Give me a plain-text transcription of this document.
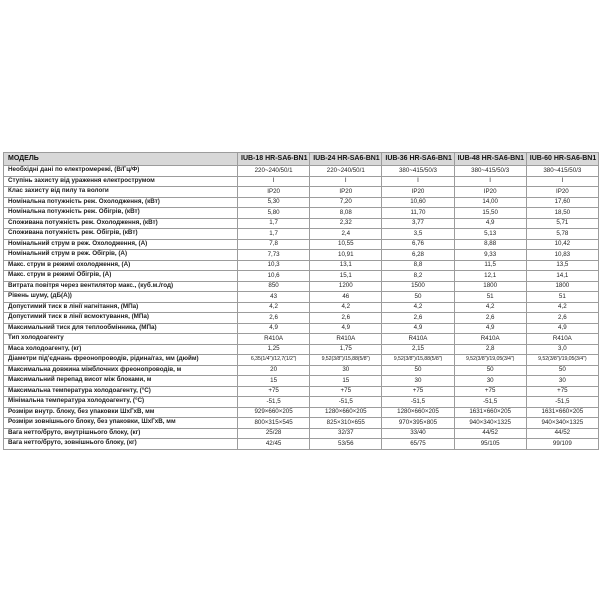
МОДЕЛЬ	IUB-18 HR-SA6-BN1	IUB-24 HR-SA6-BN1	IUB-36 HR-SA6-BN1	IUB-48 HR-SA6-BN1	IUB-60 HR-SA6-BN1
Необхідні дані по електромережі, (В/Гц/Ф)	220~240/50/1	220~240/50/1	380~415/50/3	380~415/50/3	380~415/50/3
Ступінь захисту від ураження електрострумом	I	I	I	I	I
Клас захисту від пилу та вологи	IP20	IP20	IP20	IP20	IP20
Номінальна потужність реж. Охолодження, (кВт)	5,30	7,20	10,60	14,00	17,60
Номінальна потужність реж. Обігрів, (кВт)	5,80	8,08	11,70	15,50	18,50
Споживана потужність реж. Охолодження, (кВт)	1,7	2,32	3,77	4,9	5,71
Споживана потужність реж. Обігрів, (кВт)	1,7	2,4	3,5	5,13	5,78
Номінальний струм в реж. Охолодження, (А)	7,8	10,55	6,76	8,88	10,42
Номінальний струм в реж. Обігрів, (А)	7,73	10,91	6,28	9,33	10,83
Макс. струм в режимі охолодження, (А)	10,3	13,1	8,8	11,5	13,5
Макс. струм в режимі Обігрів, (А)	10,6	15,1	8,2	12,1	14,1
Витрата повітря через вентилятор макс., (куб.м./год)	850	1200	1500	1800	1800
Рівень шуму, (дБ(А))	43	46	50	51	51
Допустимий тиск в лінії нагнітання, (МПа)	4,2	4,2	4,2	4,2	4,2
Допустимий тиск в лінії всмоктування, (МПа)	2,6	2,6	2,6	2,6	2,6
Максимальний тиск для теплообмінника, (МПа)	4,9	4,9	4,9	4,9	4,9
Тип холодоагенту	R410A	R410A	R410A	R410A	R410A
Маса холодоагенту, (кг)	1,25	1,75	2,15	2,8	3,0
Діаметри під'єднань фреонопроводів, рідина/газ, мм (дюйм)	6,35(1/4")/12,7(1/2")	9,52(3/8")/15,88(5/8")	9,52(3/8")/15,88(5/8")	9,52(3/8")/19,05(3/4")	9,52(3/8")/19,05(3/4")
Максимальна довжина міжблочних фреонопроводів, м	20	30	50	50	50
Максимальний перепад висот між блоками, м	15	15	30	30	30
Максимальна температура холодоагенту, (°С)	+75	+75	+75	+75	+75
Мінімальна температура холодоагенту, (°С)	-51,5	-51,5	-51,5	-51,5	-51,5
Розміри внутр. блоку, без упаковки ШхГхВ, мм	929×660×205	1280×660×205	1280×660×205	1631×660×205	1631×660×205
Розміри зовнішнього блоку, без упаковки, ШхГхВ, мм	800×315×545	825×310×655	970×395×805	940×340×1325	940×340×1325
Вага нетто/бруто, внутрішнього блоку, (кг)	25/28	32/37	33/40	44/52	44/52
Вага нетто/бруто, зовнішнього блоку, (кг)	42/45	53/56	65/75	95/105	99/109
